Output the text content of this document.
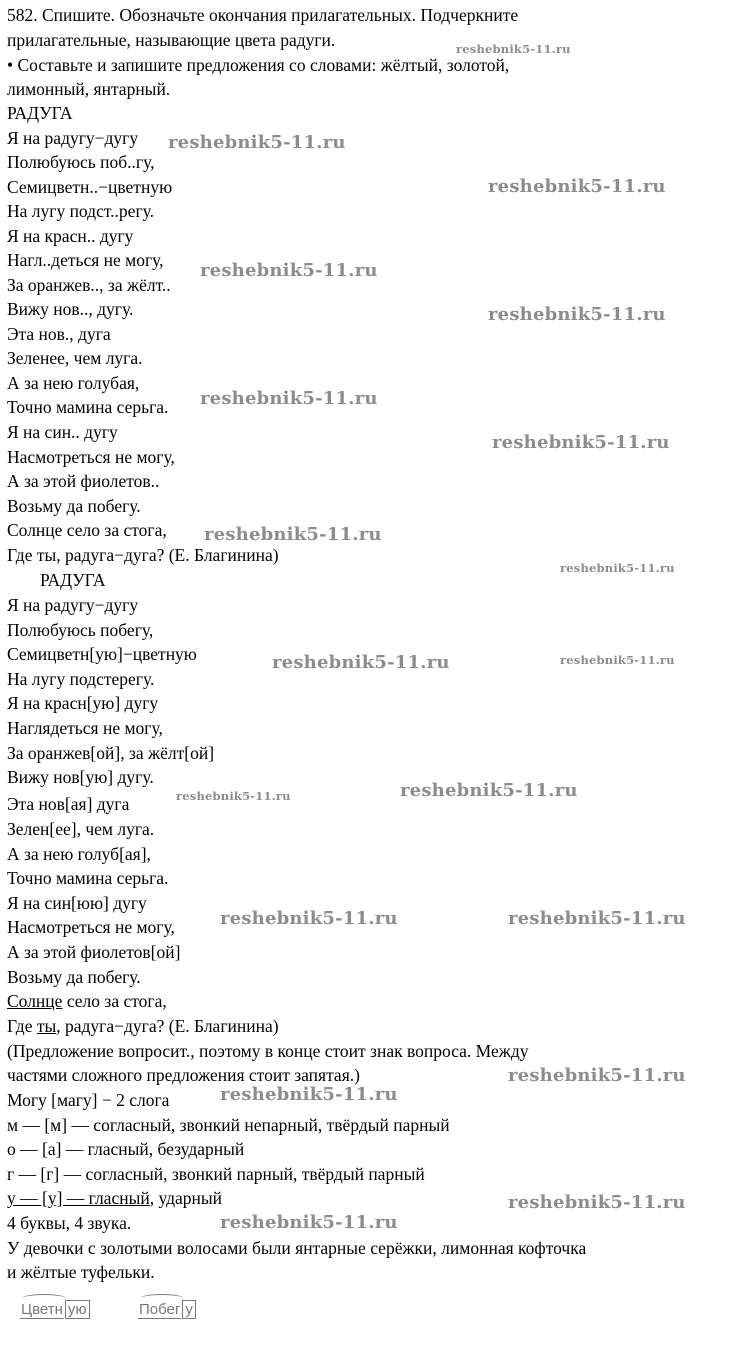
582. Спишите. Обозначьте окончания прилагательных. Подчеркните
прилагательные, называющие цвета радуги.
• Составьте и запишите предложения со словами: жёлтый, золотой,
лимонный, янтарный.
РАДУГА
Я на радугу−дугу
Полюбуюсь поб..гу,
Семицветн..−цветную
На лугу подст..регу.
Я на красн.. дугу
Нагл..деться не могу,
За оранжев.., за жёлт..
Вижу нов.., дугу.
Эта нов., дуга
Зеленее, чем луга.
А за нею голубая,
Точно мамина серьга.
Я на син.. дугу
Насмотреться не могу,
А за этой фиолетов..
Возьму да побегу.
Солнце село за стога,
Где ты, радуга−дуга? (Е. Благинина)
РАДУГА
Я на радугу−дугу
Полюбуюсь побегу,
Семицветн[ую]−цветную
На лугу подстерегу.
Я на красн[ую] дугу
Наглядеться не могу,
За оранжев[ой], за жёлт[ой]
Вижу нов[ую] дугу.
Эта нов[ая] дуга
Зелен[ее], чем луга.
А за нею голуб[ая],
Точно мамина серьга.
Я на син[юю] дугу
Насмотреться не могу,
А за этой фиолетов[ой]
Возьму да побегу.
Солнце село за стога,
Где ты, радуга−дуга? (Е. Благинина)
(Предложение вопросит., поэтому в конце стоит знак вопроса. Между
частями сложного предложения стоит запятая.)
Могу [магу] − 2 слога
м — [м] — согласный, звонкий непарный, твёрдый парный
о — [а] — гласный, безударный
г — [г] — согласный, звонкий парный, твёрдый парный
у — [у] — гласный, ударный
4 буквы, 4 звука.
У девочки с золотыми волосами были янтарные серёжки, лимонная кофточка
и жёлтые туфельки.
Цветн ую	Побег у
reshebnik5-11.ru
reshebnik5-11.ru
reshebnik5-11.ru
reshebnik5-11.ru
reshebnik5-11.ru
reshebnik5-11.ru
reshebnik5-11.ru
reshebnik5-11.ru
reshebnik5-11.ru
reshebnik5-11.ru	reshebnik5-11.ru
reshebnik5-11.ru
reshebnik5-11.ru
reshebnik5-11.ru	reshebnik5-11.ru
reshebnik5-11.ru
reshebnik5-11.ru
reshebnik5-11.ru
reshebnik5-11.ru
